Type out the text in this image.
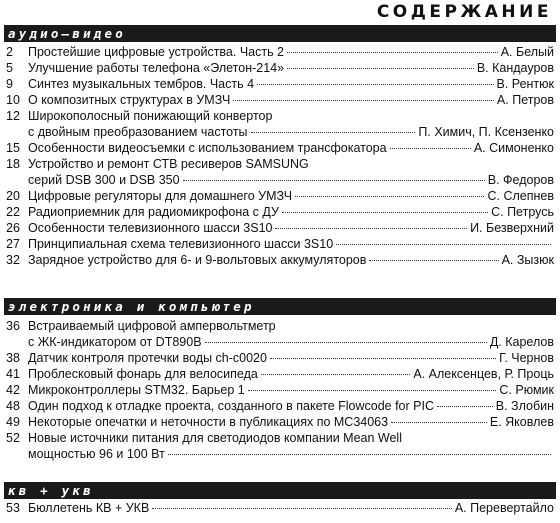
СОДЕРЖАНИЕ
аудио–видео
2	Простейшие цифровые устройства. Часть 2	А. Белый
5	Улучшение работы телефона «Элетон-214»	В. Кандауров
9	Синтез музыкальных тембров. Часть 4	В. Рентюк
10 О композитных структурах в УМЗЧ	А. Петров
12 Широкополосный понижающий конвертор
с двойным преобразованием частоты	П. Химич, П. Ксензенко
15 Особенности видеосъемки с использованием трансфокатора	А. Симоненко
18 Устройство и ремонт СТВ ресиверов SAMSUNG
серий DSB 300 и DSB 350	В. Федоров
20 Цифровые регуляторы для домашнего УМЗЧ	С. Слепнев
22 Радиоприемник для радиомикрофона с ДУ	С. Петрусь
26 Особенности телевизионного шасси 3S10	И. Безверхний
27 Принципиальная схема телевизионного шасси 3S10
32 Зарядное устройство для 6- и 9-вольтовых аккумуляторов	А. Зызюк
электроника и компьютер
36 Встраиваемый цифровой ампервольтметр
с ЖК-индикатором от DT890B	Д. Карелов
38 Датчик контроля протечки воды ch-c0020	Г. Чернов
41 Проблесковый фонарь для велосипеда	А. Алексенцев, Р. Проць
42 Микроконтроллеры STM32. Барьер 1	С. Рюмик
48 Один подход к отладке проекта, созданного в пакете Flowcode for PIC	В. Злобин
49 Некоторые опечатки и неточности в публикациях по MC34063	Е. Яковлев
52 Новые источники питания для светодиодов компании Mean Well
мощностью 96 и 100 Вт
кв + укв
53 Бюллетень КВ + УКВ	А. Перевертайло
